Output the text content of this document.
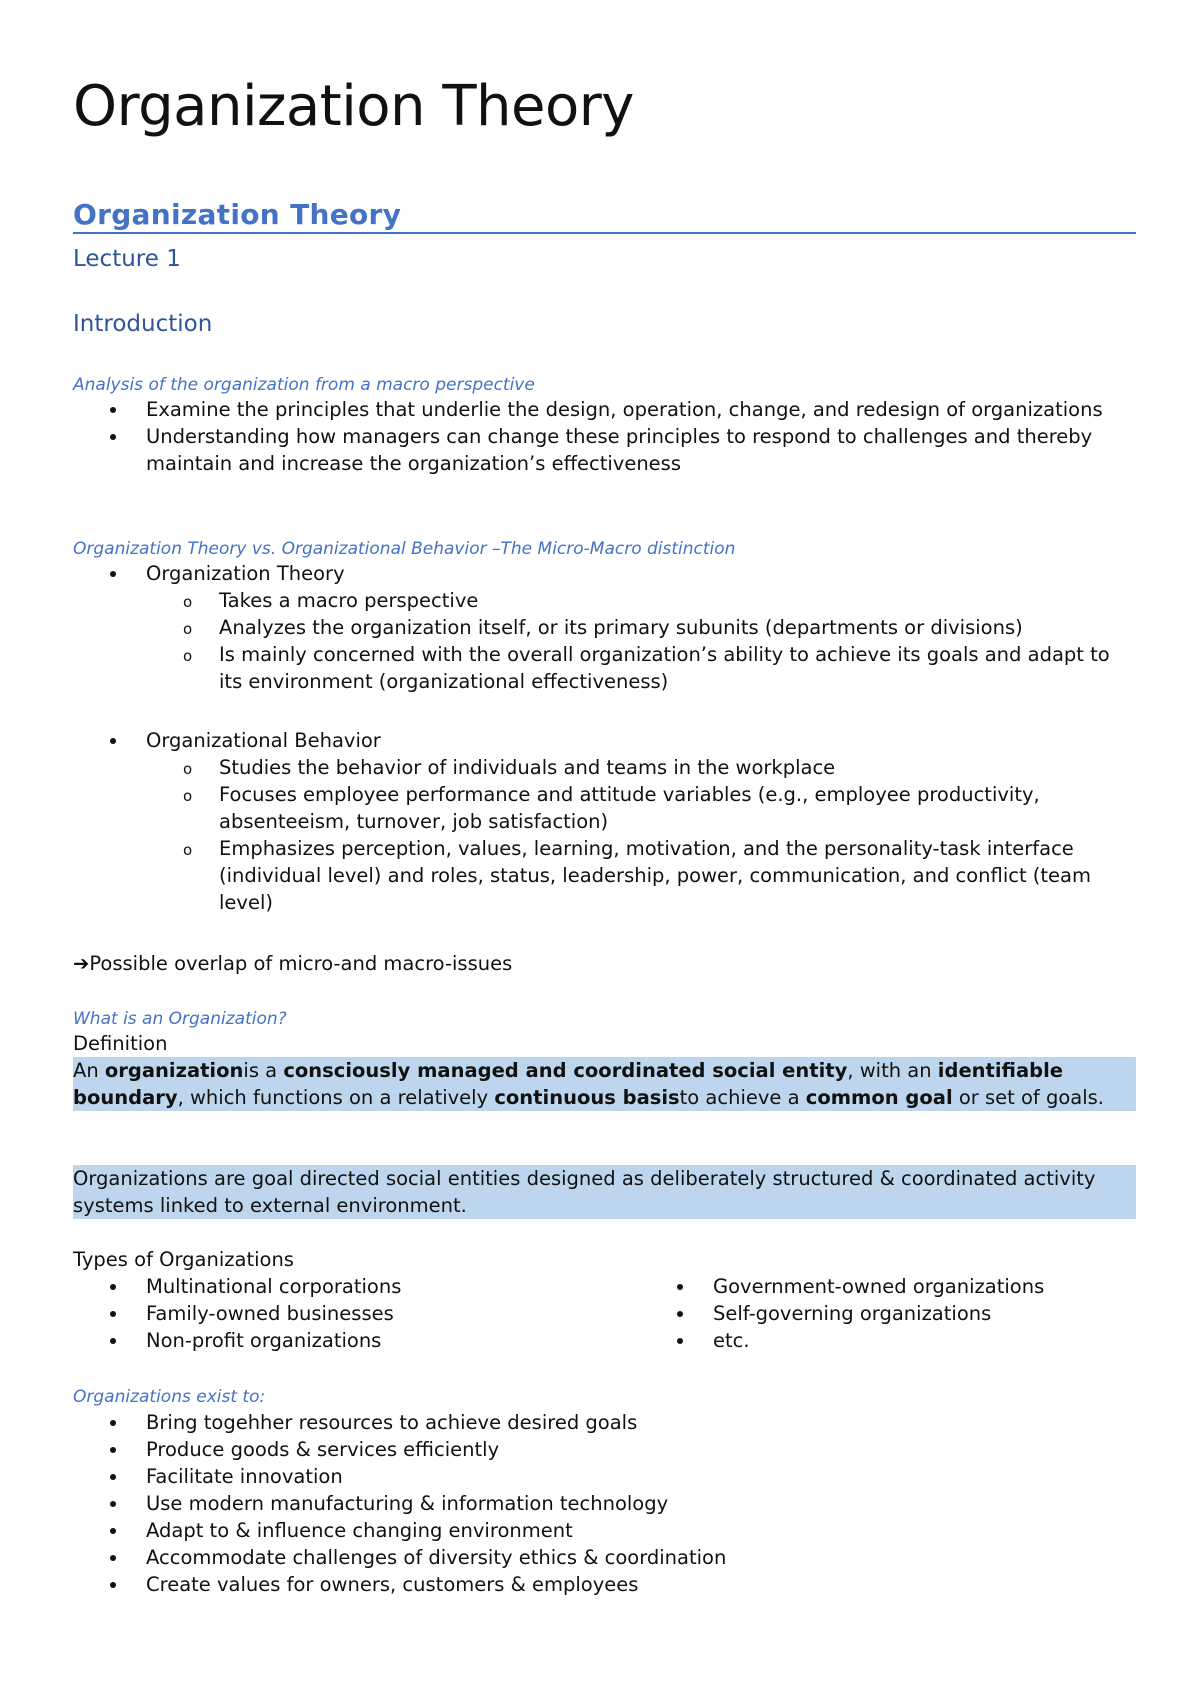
Organization Theory
Organization Theory
Lecture 1
Introduction
Analysis of the organization from a macro perspective
Examine the principles that underlie the design, operation, change, and redesign of organizations
Understanding how managers can change these principles to respond to challenges and thereby maintain and increase the organization’s effectiveness
Organization Theory vs. Organizational Behavior –The Micro-Macro distinction
Organization Theory
o Takes a macro perspective
o Analyzes the organization itself, or its primary subunits (departments or divisions)
o Is mainly concerned with the overall organization’s ability to achieve its goals and adapt to its environment (organizational effectiveness)
Organizational Behavior
o Studies the behavior of individuals and teams in the workplace
o Focuses employee performance and attitude variables (e.g., employee productivity, absenteeism, turnover, job satisfaction)
o Emphasizes perception, values, learning, motivation, and the personality-task interface (individual level) and roles, status, leadership, power, communication, and conflict (team level)
➔Possible overlap of micro-and macro-issues
What is an Organization?
Definition
An organizationis a consciously managed and coordinated social entity, with an identifiable boundary, which functions on a relatively continuous basisto achieve a common goal or set of goals.
Organizations are goal directed social entities designed as deliberately structured & coordinated activity systems linked to external environment.
Types of Organizations
Multinational corporations
Family-owned businesses
Non-profit organizations
Government-owned organizations
Self-governing organizations
etc.
Organizations exist to:
Bring togehher resources to achieve desired goals
Produce goods & services efficiently
Facilitate innovation
Use modern manufacturing & information technology
Adapt to & influence changing environment
Accommodate challenges of diversity ethics & coordination
Create values for owners, customers & employees
